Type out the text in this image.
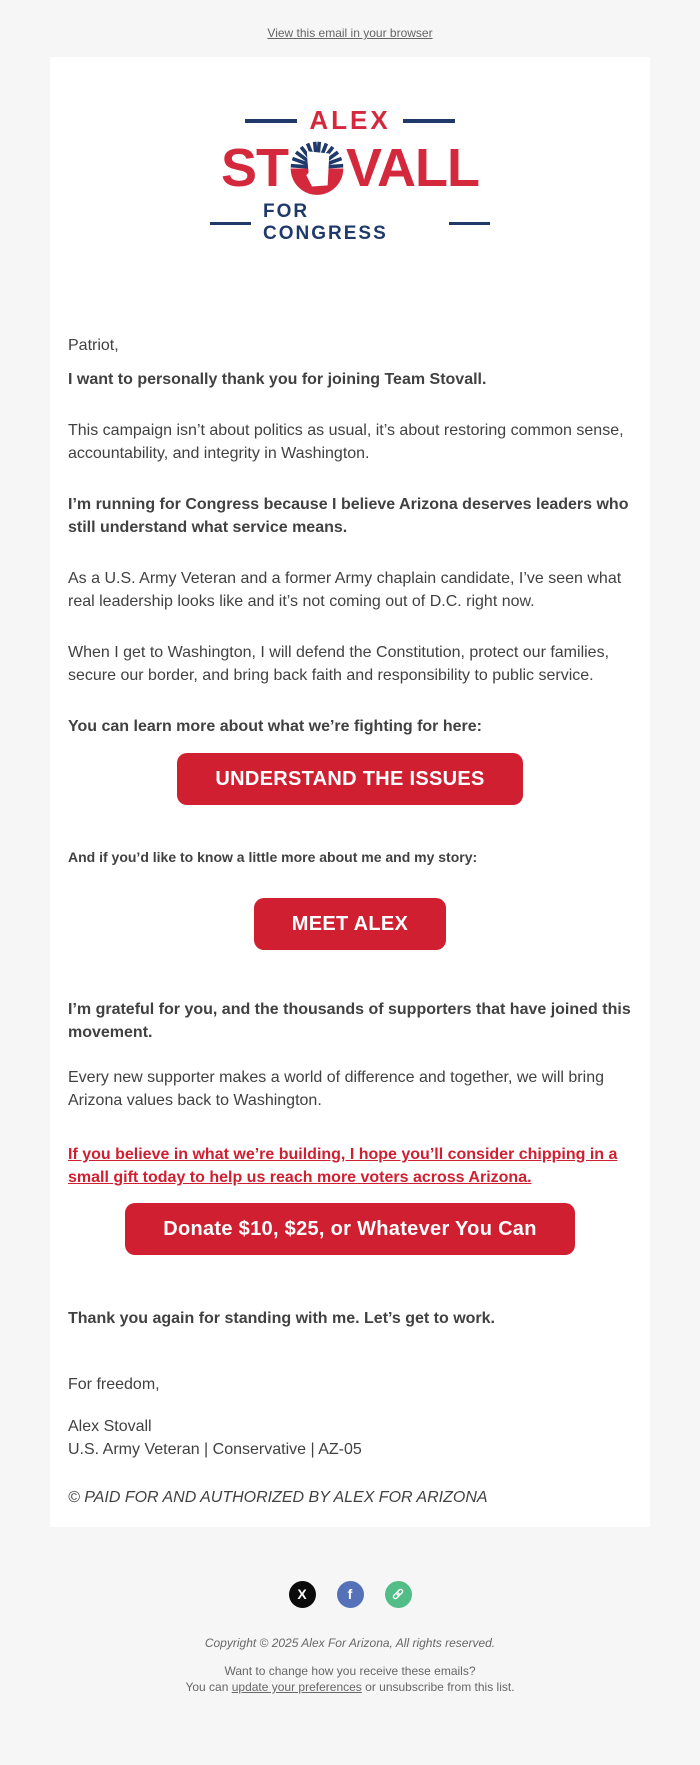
View this email in your browser
ALEX
ST VALL
FOR CONGRESS

Patriot,

I want to personally thank you for joining Team Stovall.

This campaign isn’t about politics as usual, it’s about restoring common sense, accountability, and integrity in Washington.

I’m running for Congress because I believe Arizona deserves leaders who still understand what service means.

As a U.S. Army Veteran and a former Army chaplain candidate, I’ve seen what real leadership looks like and it’s not coming out of D.C. right now.

When I get to Washington, I will defend the Constitution, protect our families, secure our border, and bring back faith and responsibility to public service.

You can learn more about what we’re fighting for here:

UNDERSTAND THE ISSUES

And if you’d like to know a little more about me and my story:

MEET ALEX

I’m grateful for you, and the thousands of supporters that have joined this movement.

Every new supporter makes a world of difference and together, we will bring Arizona values back to Washington.

If you believe in what we’re building, I hope you’ll consider chipping in a small gift today to help us reach more voters across Arizona.

Donate $10, $25, or Whatever You Can

Thank you again for standing with me. Let’s get to work.

For freedom,

Alex Stovall
U.S. Army Veteran | Conservative | AZ-05

© PAID FOR AND AUTHORIZED BY ALEX FOR ARIZONA

X	f
Copyright © 2025 Alex For Arizona, All rights reserved.
Want to change how you receive these emails?
You can update your preferences or unsubscribe from this list.
